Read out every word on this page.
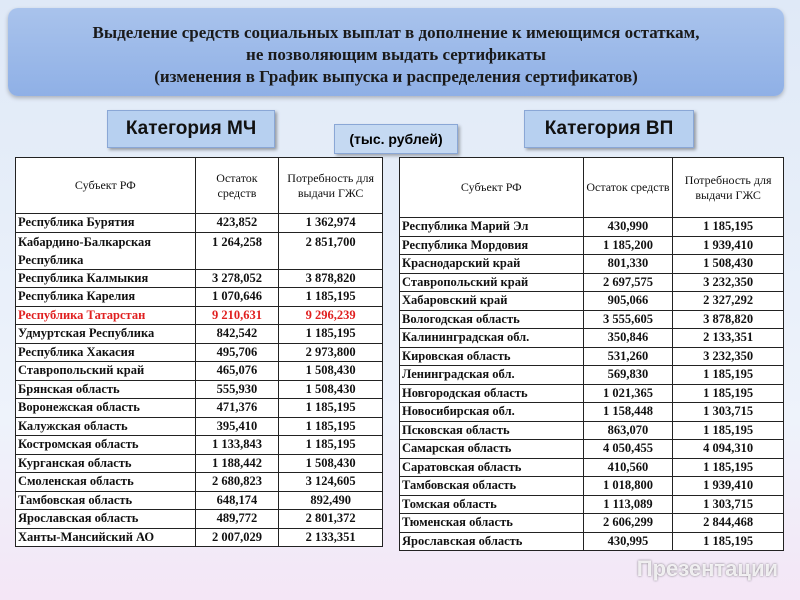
Выделение средств социальных выплат в дополнение к имеющимся остаткам,
не позволяющим выдать сертификаты
(изменения в График выпуска и распределения сертификатов)
Категория МЧ	(тыс. рублей)	Категория ВП
Субъект РФ	Остаток средств	Потребность для выдачи ГЖС
Республика Бурятия	423,852	1 362,974
Кабардино-Балкарская Республика	1 264,258	2 851,700
Республика Калмыкия	3 278,052	3 878,820
Республика Карелия	1 070,646	1 185,195
Республика Татарстан	9 210,631	9 296,239
Удмуртская Республика	842,542	1 185,195
Республика Хакасия	495,706	2 973,800
Ставропольский край	465,076	1 508,430
Брянская область	555,930	1 508,430
Воронежская область	471,376	1 185,195
Калужская область	395,410	1 185,195
Костромская область	1 133,843	1 185,195
Курганская область	1 188,442	1 508,430
Смоленская область	2 680,823	3 124,605
Тамбовская область	648,174	892,490
Ярославская область	489,772	2 801,372
Ханты-Мансийский АО	2 007,029	2 133,351
Субъект РФ	Остаток средств	Потребность для выдачи ГЖС
Республика Марий Эл	430,990	1 185,195
Республика Мордовия	1 185,200	1 939,410
Краснодарский край	801,330	1 508,430
Ставропольский край	2 697,575	3 232,350
Хабаровский край	905,066	2 327,292
Вологодская область	3 555,605	3 878,820
Калининградская обл.	350,846	2 133,351
Кировская область	531,260	3 232,350
Ленинградская обл.	569,830	1 185,195
Новгородская область	1 021,365	1 185,195
Новосибирская обл.	1 158,448	1 303,715
Псковская область	863,070	1 185,195
Самарская область	4 050,455	4 094,310
Саратовская область	410,560	1 185,195
Тамбовская область	1 018,800	1 939,410
Томская область	1 113,089	1 303,715
Тюменская область	2 606,299	2 844,468
Ярославская область	430,995	1 185,195
Презентации
